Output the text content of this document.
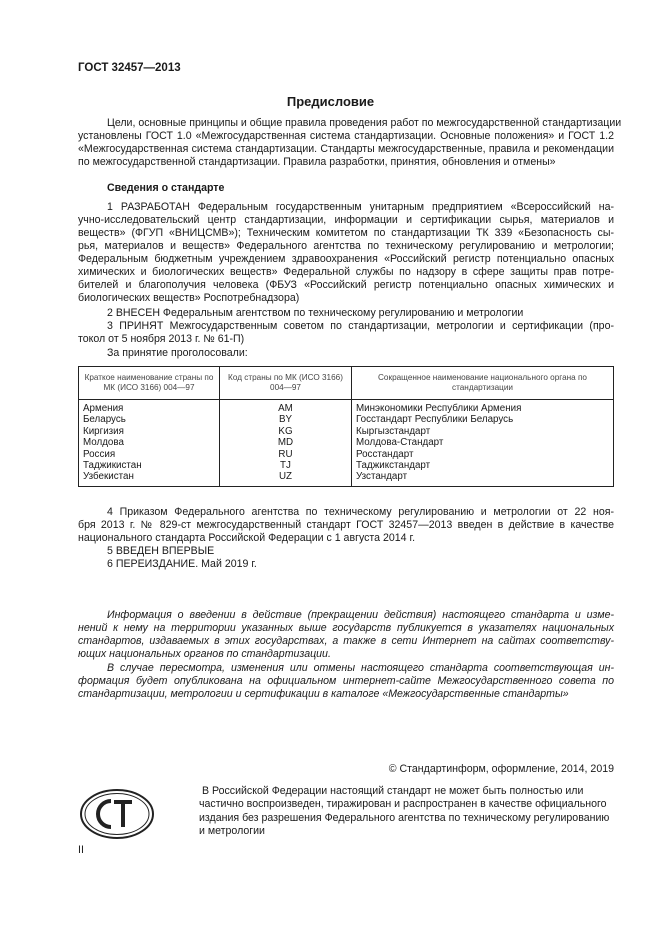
ГОСТ 32457—2013
Предисловие
Цели, основные принципы и общие правила проведения работ по межгосударственной стандартизации
установлены ГОСТ 1.0 «Межгосударственная система стандартизации. Основные положения» и ГОСТ 1.2
«Межгосударственная система стандартизации. Стандарты межгосударственные, правила и рекомендации
по межгосударственной стандартизации. Правила разработки, принятия, обновления и отмены»
Сведения о стандарте
1 РАЗРАБОТАН Федеральным государственным унитарным предприятием «Всероссийский на-
учно-исследовательский центр стандартизации, информации и сертификации сырья, материалов и
веществ» (ФГУП «ВНИЦСМВ»); Техническим комитетом по стандартизации ТК 339 «Безопасность сы-
рья, материалов и веществ» Федерального агентства по техническому регулированию и метрологии;
Федеральным бюджетным учреждением здравоохранения «Российский регистр потенциально опасных
химических и биологических веществ» Федеральной службы по надзору в сфере защиты прав потре-
бителей и благополучия человека (ФБУЗ «Российский регистр потенциально опасных химических и
биологических веществ» Роспотребнадзора)
2 ВНЕСЕН Федеральным агентством по техническому регулированию и метрологии
3 ПРИНЯТ Межгосударственным советом по стандартизации, метрологии и сертификации (про-
токол от 5 ноября 2013 г. № 61-П)
За принятие проголосовали:
Краткое наименование страны по МК (ИСО 3166) 004—97	Код страны по МК (ИСО 3166) 004—97	Сокращенное наименование национального органа по стандартизации
Армения	AM	Минэкономики Республики Армения
Беларусь	BY	Госстандарт Республики Беларусь
Киргизия	KG	Кыргызстандарт
Молдова	MD	Молдова-Стандарт
Россия	RU	Росстандарт
Таджикистан	TJ	Таджикстандарт
Узбекистан	UZ	Узстандарт
4 Приказом Федерального агентства по техническому регулированию и метрологии от 22 ноя-
бря 2013 г. № 829-ст межгосударственный стандарт ГОСТ 32457—2013 введен в действие в качестве
национального стандарта Российской Федерации с 1 августа 2014 г.
5 ВВЕДЕН ВПЕРВЫЕ
6 ПЕРЕИЗДАНИЕ. Май 2019 г.
Информация о введении в действие (прекращении действия) настоящего стандарта и изме-
нений к нему на территории указанных выше государств публикуется в указателях национальных
стандартов, издаваемых в этих государствах, а также в сети Интернет на сайтах соответству-
ющих национальных органов по стандартизации.
В случае пересмотра, изменения или отмены настоящего стандарта соответствующая ин-
формация будет опубликована на официальном интернет-сайте Межгосударственного совета по
стандартизации, метрологии и сертификации в каталоге «Межгосударственные стандарты»
© Стандартинформ, оформление, 2014, 2019
В Российской Федерации настоящий стандарт не может быть полностью или
частично воспроизведен, тиражирован и распространен в качестве официального
издания без разрешения Федерального агентства по техническому регулированию
и метрологии
II
